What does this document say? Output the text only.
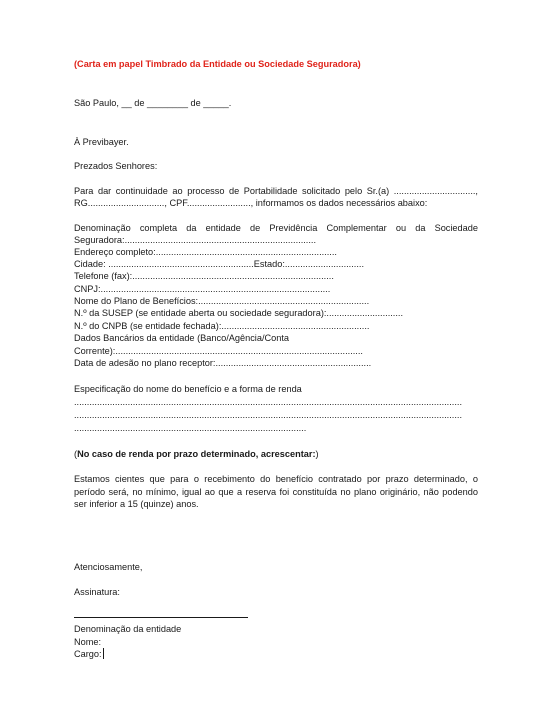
(Carta em papel Timbrado da Entidade ou Sociedade Seguradora)
São Paulo, __ de ________ de _____.
À Previbayer.
Prezados Senhores:
Para dar continuidade ao processo de Portabilidade solicitado pelo Sr.(a) ................................,
RG.............................., CPF........................., informamos os dados necessários abaixo:
Denominação completa da entidade de Previdência Complementar ou da Sociedade
Seguradora:...........................................................................
Endereço completo:.......................................................................
Cidade: .........................................................Estado:...............................
Telefone (fax):...............................................................................
CNPJ:..........................................................................................
Nome do Plano de Benefícios:...................................................................
N.º da SUSEP (se entidade aberta ou sociedade seguradora):..............................
N.º do CNPB (se entidade fechada):..........................................................
Dados Bancários da entidade (Banco/Agência/Conta
Corrente):.................................................................................................
Data de adesão no plano receptor:.............................................................
Especificação do nome do benefício e a forma de renda
........................................................................................................................................................
........................................................................................................................................................
...........................................................................................
(No caso de renda por prazo determinado, acrescentar:)
Estamos cientes que para o recebimento do benefício contratado por prazo determinado, o
período será, no mínimo, igual ao que a reserva foi constituída no plano originário, não podendo
ser inferior a 15 (quinze) anos.
Atenciosamente,
Assinatura:
Denominação da entidade
Nome:
Cargo:
